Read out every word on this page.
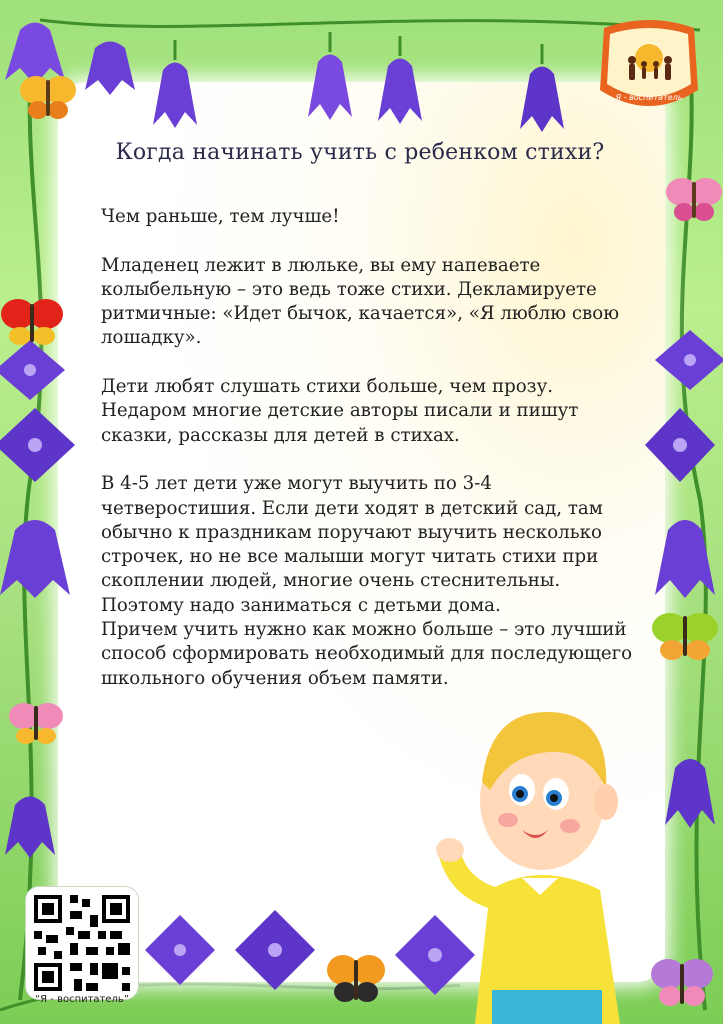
Я - воспитатель
Когда начинать учить с ребенком стихи?

Чем раньше, тем лучше!

Младенец лежит в люльке, вы ему напеваете колыбельную – это ведь тоже стихи. Декламируете ритмичные: «Идет бычок, качается», «Я люблю свою лошадку».

Дети любят слушать стихи больше, чем прозу. Недаром многие детские авторы писали и пишут сказки, рассказы для детей в стихах.

В 4-5 лет дети уже могут выучить по 3-4 четверостишия. Если дети ходят в детский сад, там обычно к праздникам поручают выучить несколько строчек, но не все малыши могут читать стихи при скоплении людей, многие очень стеснительны. Поэтому надо заниматься с детьми дома.

Причем учить нужно как можно больше – это лучший способ сформировать необходимый для последующего школьного обучения объем памяти.

“Я - воспитатель”
